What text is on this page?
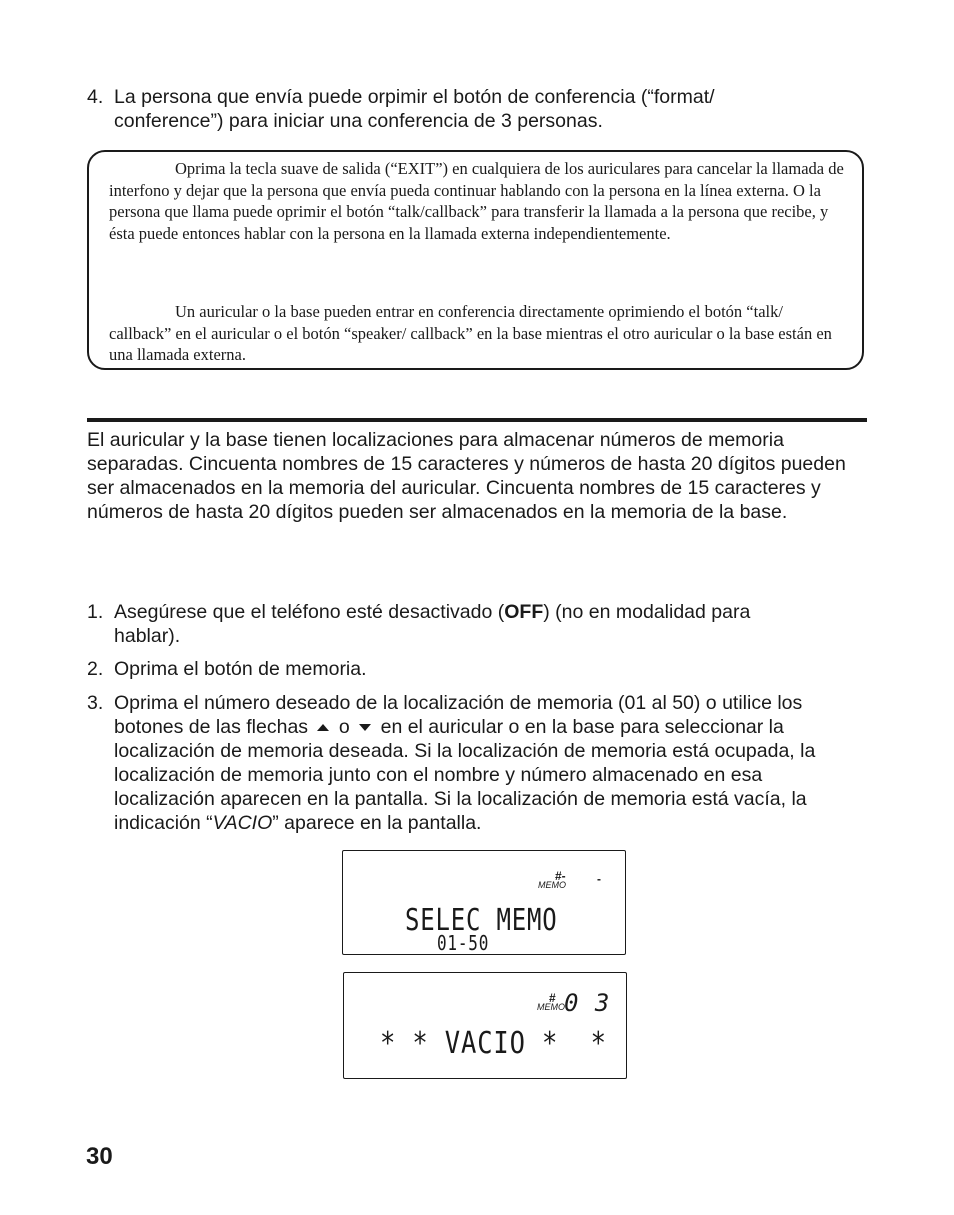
4. La persona que envía puede orpimir el botón de conferencia (“format/ conference”) para iniciar una conferencia de 3 personas.
Oprima la tecla suave de salida (“EXIT”) en cualquiera de los auriculares para cancelar la llamada de interfono y dejar que la persona que envía pueda continuar hablando con la persona en la línea externa. O la persona que llama puede oprimir el botón “talk/callback” para transferir la llamada a la persona que recibe, y ésta puede entonces hablar con la persona en la llamada externa independientemente.
Un auricular o la base pueden entrar en conferencia directamente oprimiendo el botón “talk/ callback” en el auricular o el botón “speaker/ callback” en la base mientras el otro auricular o la base están en una llamada externa.
El auricular y la base tienen localizaciones para almacenar números de memoria separadas. Cincuenta nombres de 15 caracteres y números de hasta 20 dígitos pueden ser almacenados en la memoria del auricular. Cincuenta nombres de 15 caracteres y números de hasta 20 dígitos pueden ser almacenados en la memoria de la base.
1. Asegúrese que el teléfono esté desactivado (OFF) (no en modalidad para hablar).
2. Oprima el botón de memoria.
3. Oprima el número deseado de la localización de memoria (01 al 50) o utilice los botones de las flechas o en el auricular o en la base para seleccionar la localización de memoria deseada. Si la localización de memoria está ocupada, la localización de memoria junto con el nombre y número almacenado en esa localización aparecen en la pantalla. Si la localización de memoria está vacía, la indicación “VACIO” aparece en la pantalla.
#-
MEMO	-
SELEC MEMO
01-50
#
MEMO 0 3
* * VACIO *  *
30
